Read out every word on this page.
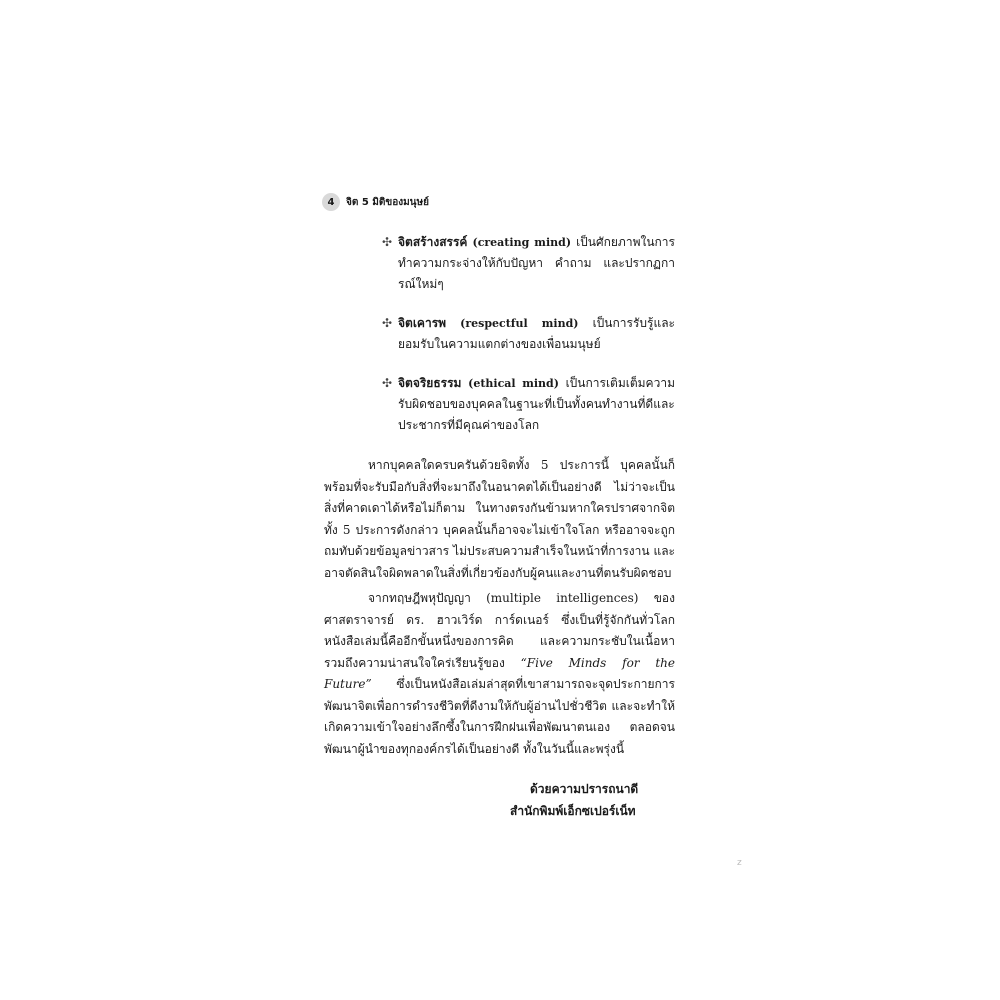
4	จิต 5 มิติของมนุษย์
✣ จิตสร้างสรรค์ (creating mind) เป็นศักยภาพในการทำความกระจ่างให้กับปัญหา คำถาม และปรากฏการณ์ใหม่ๆ
✣ จิตเคารพ (respectful mind) เป็นการรับรู้และยอมรับในความแตกต่างของเพื่อนมนุษย์
✣ จิตจริยธรรม (ethical mind) เป็นการเติมเต็มความรับผิดชอบของบุคคลในฐานะที่เป็นทั้งคนทำงานที่ดีและประชากรที่มีคุณค่าของโลก

หากบุคคลใดครบครันด้วยจิตทั้ง 5 ประการนี้ บุคคลนั้นก็พร้อมที่จะรับมือกับสิ่งที่จะมาถึงในอนาคตได้เป็นอย่างดี ไม่ว่าจะเป็นสิ่งที่คาดเดาได้หรือไม่ก็ตาม ในทางตรงกันข้ามหากใครปราศจากจิตทั้ง 5 ประการดังกล่าว บุคคลนั้นก็อาจจะไม่เข้าใจโลก หรืออาจจะถูกถมทับด้วยข้อมูลข่าวสาร ไม่ประสบความสำเร็จในหน้าที่การงาน และอาจตัดสินใจผิดพลาดในสิ่งที่เกี่ยวข้องกับผู้คนและงานที่ตนรับผิดชอบ

จากทฤษฎีพหุปัญญา (multiple intelligences) ของศาสตราจารย์ ดร. ฮาวเวิร์ด การ์ดเนอร์ ซึ่งเป็นที่รู้จักกันทั่วโลก หนังสือเล่มนี้คืออีกขั้นหนึ่งของการคิด และความกระชับในเนื้อหา รวมถึงความน่าสนใจใคร่เรียนรู้ของ “Five Minds for the Future” ซึ่งเป็นหนังสือเล่มล่าสุดที่เขาสามารถจะจุดประกายการพัฒนาจิตเพื่อการดำรงชีวิตที่ดีงามให้กับผู้อ่านไปชั่วชีวิต และจะทำให้เกิดความเข้าใจอย่างลึกซึ้งในการฝึกฝนเพื่อพัฒนาตนเอง ตลอดจนพัฒนาผู้นำของทุกองค์กรได้เป็นอย่างดี ทั้งในวันนี้และพรุ่งนี้

ด้วยความปรารถนาดี
สำนักพิมพ์เอ็กซเปอร์เน็ท
z
